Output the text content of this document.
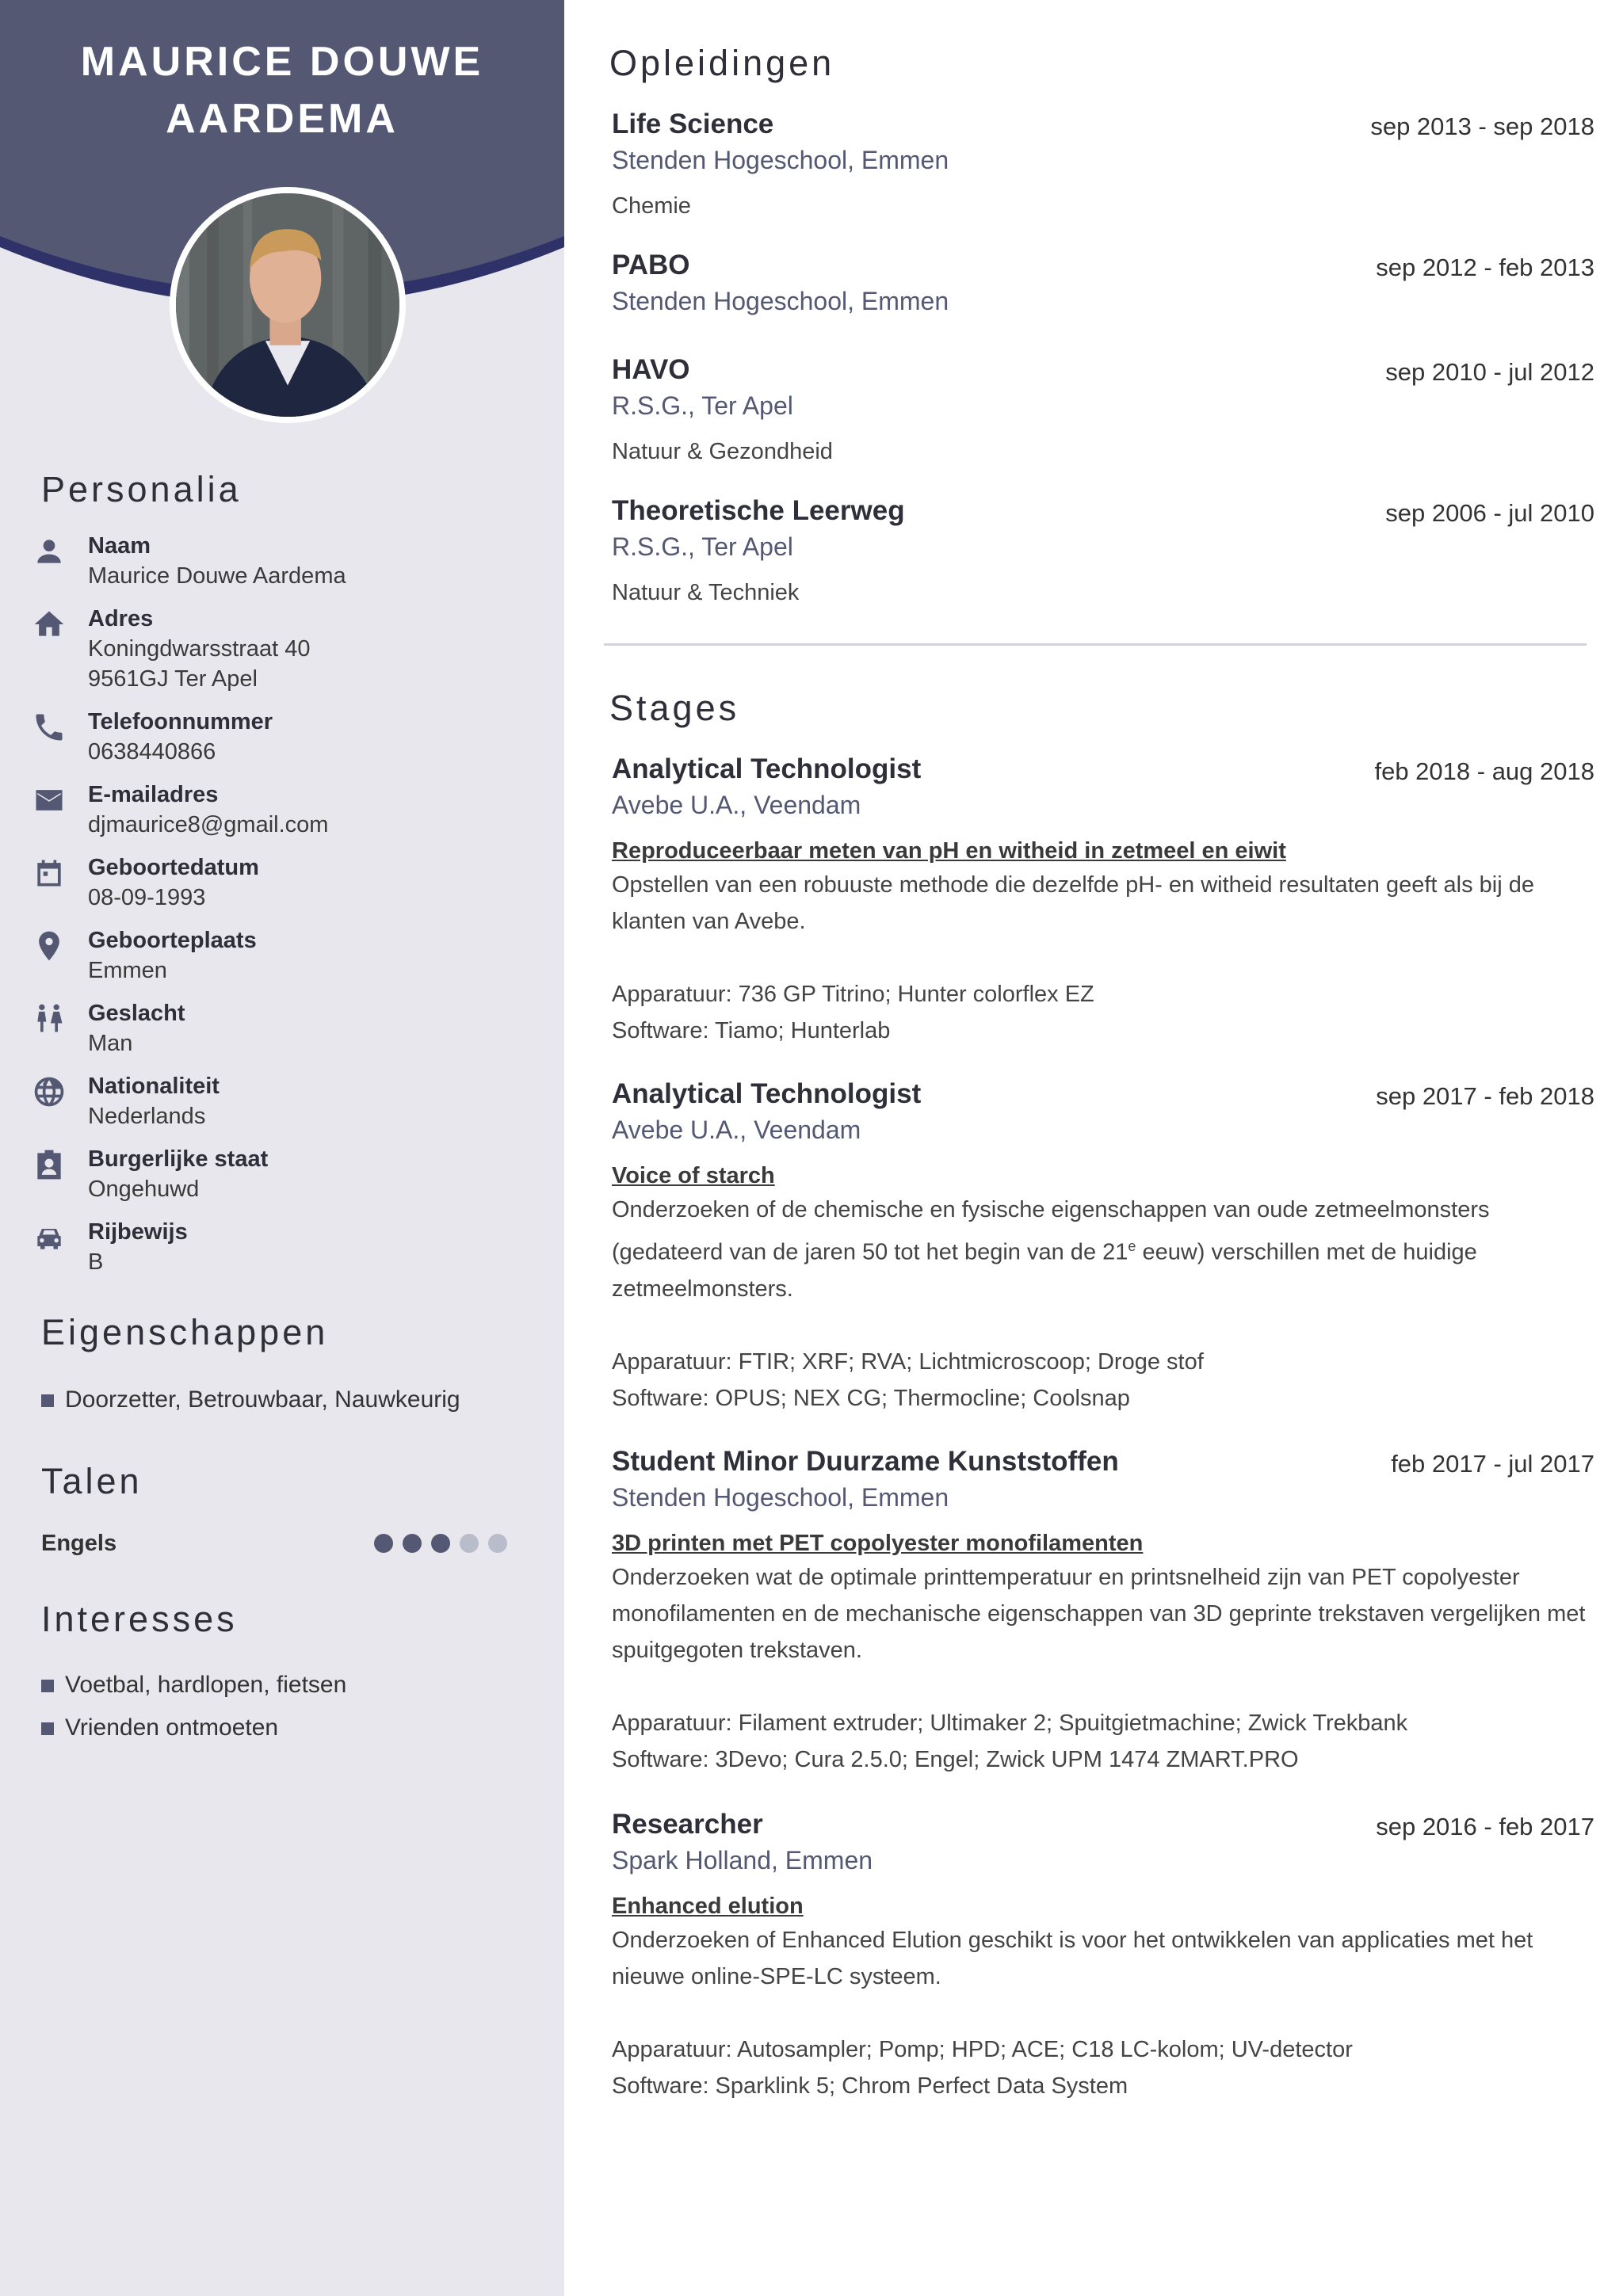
MAURICE DOUWE
AARDEMA
Personalia
Naam
Maurice Douwe Aardema
Adres
Koningdwarsstraat 40
9561GJ Ter Apel
Telefoonnummer
0638440866
E-mailadres
djmaurice8@gmail.com
Geboortedatum
08-09-1993
Geboorteplaats
Emmen
Geslacht
Man
Nationaliteit
Nederlands
Burgerlijke staat
Ongehuwd
Rijbewijs
B
Eigenschappen
Doorzetter, Betrouwbaar, Nauwkeurig
Talen
Engels
Interesses
Voetbal, hardlopen, fietsen
Vrienden ontmoeten
Opleidingen
Life Science	sep 2013 - sep 2018
Stenden Hogeschool, Emmen
Chemie
PABO	sep 2012 - feb 2013
Stenden Hogeschool, Emmen
HAVO	sep 2010 - jul 2012
R.S.G., Ter Apel
Natuur & Gezondheid
Theoretische Leerweg	sep 2006 - jul 2010
R.S.G., Ter Apel
Natuur & Techniek
Stages
Analytical Technologist	feb 2018 - aug 2018
Avebe U.A., Veendam
Reproduceerbaar meten van pH en witheid in zetmeel en eiwit
Opstellen van een robuuste methode die dezelfde pH- en witheid resultaten geeft als bij de klanten van Avebe.
Apparatuur: 736 GP Titrino; Hunter colorflex EZ
Software: Tiamo; Hunterlab
Analytical Technologist	sep 2017 - feb 2018
Avebe U.A., Veendam
Voice of starch
Onderzoeken of de chemische en fysische eigenschappen van oude zetmeelmonsters (gedateerd van de jaren 50 tot het begin van de 21e eeuw) verschillen met de huidige zetmeelmonsters.
Apparatuur: FTIR; XRF; RVA; Lichtmicroscoop; Droge stof
Software: OPUS; NEX CG; Thermocline; Coolsnap
Student Minor Duurzame Kunststoffen	feb 2017 - jul 2017
Stenden Hogeschool, Emmen
3D printen met PET copolyester monofilamenten
Onderzoeken wat de optimale printtemperatuur en printsnelheid zijn van PET copolyester monofilamenten en de mechanische eigenschappen van 3D geprinte trekstaven vergelijken met spuitgegoten trekstaven.
Apparatuur: Filament extruder; Ultimaker 2; Spuitgietmachine; Zwick Trekbank
Software: 3Devo; Cura 2.5.0; Engel; Zwick UPM 1474 ZMART.PRO
Researcher	sep 2016 - feb 2017
Spark Holland, Emmen
Enhanced elution
Onderzoeken of Enhanced Elution geschikt is voor het ontwikkelen van applicaties met het nieuwe online-SPE-LC systeem.
Apparatuur: Autosampler; Pomp; HPD; ACE; C18 LC-kolom; UV-detector
Software: Sparklink 5; Chrom Perfect Data System
